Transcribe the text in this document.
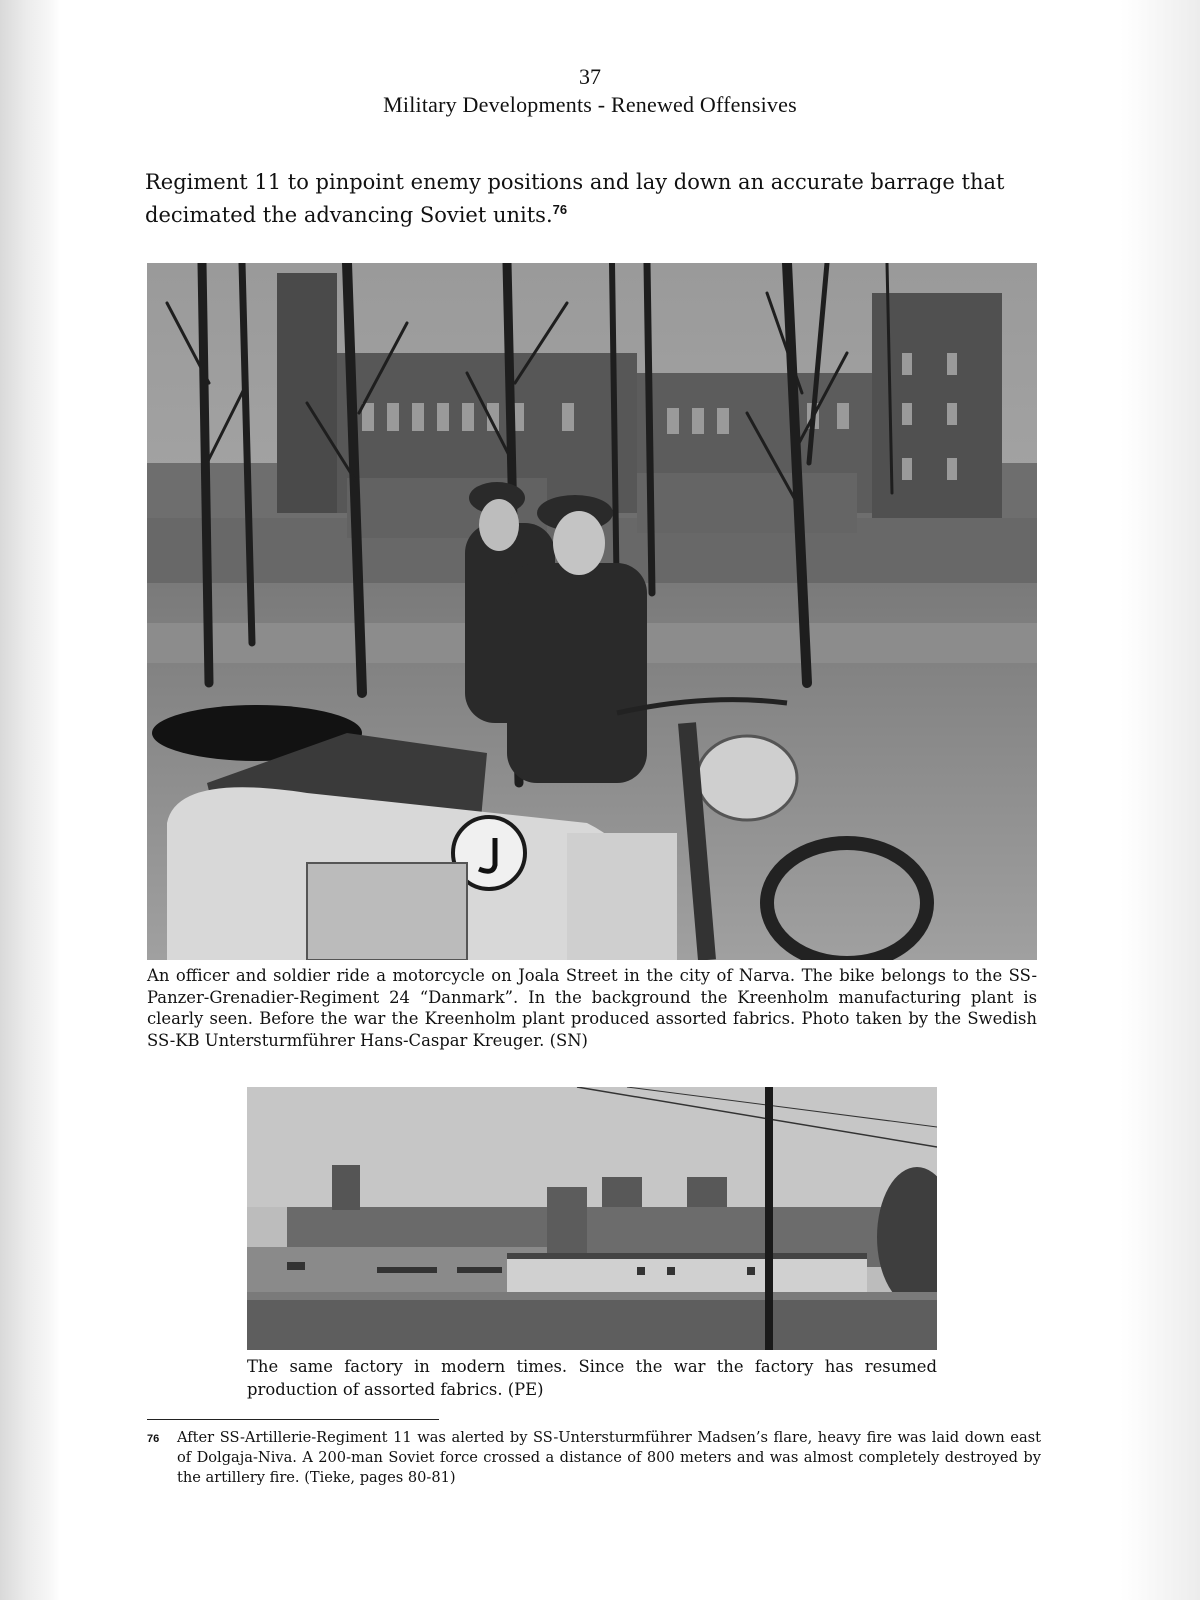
37
Military Developments - Renewed Offensives

Regiment 11 to pinpoint enemy positions and lay down an accurate barrage that decimated the advancing Soviet units.$^{76}$

An officer and soldier ride a motorcycle on Joala Street in the city of Narva. The bike belongs to the SS-Panzer-Grenadier-Regiment 24 “Danmark”. In the background the Kreenholm manufacturing plant is clearly seen. Before the war the Kreenholm plant produced assorted fabrics. Photo taken by the Swedish SS-KB Untersturmführer Hans-Caspar Kreuger. (SN)

The same factory in modern times. Since the war the factory has resumed production of assorted fabrics. (PE)

76 After SS-Artillerie-Regiment 11 was alerted by SS-Untersturmführer Madsen’s flare, heavy fire was laid down east of Dolgaja-Niva. A 200-man Soviet force crossed a distance of 800 meters and was almost completely destroyed by the artillery fire. (Tieke, pages 80-81)
